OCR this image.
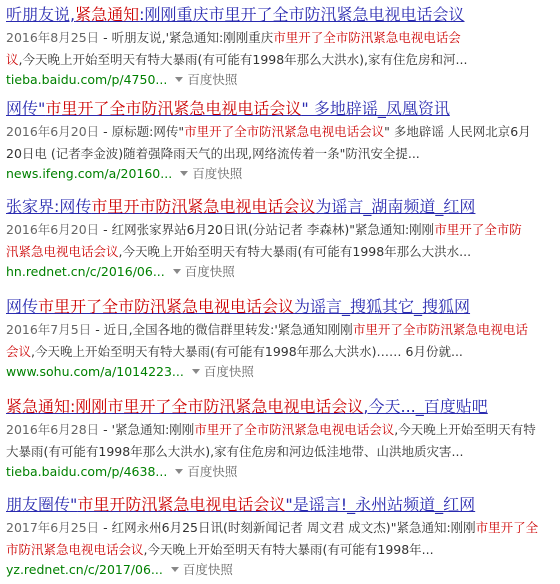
听朋友说,紧急通知:刚刚重庆市里开了全市防汛紧急电视电话会议
2016年8月25日 - 听朋友说,'紧急通知:刚刚重庆市里开了全市防汛紧急电视电话会
议,今天晚上开始至明天有特大暴雨(有可能有1998年那么大洪水),家有住危房和河...
tieba.baidu.com/p/4750... 百度快照
网传"市里开了全市防汛紧急电视电话会议" 多地辟谣_凤凰资讯
2016年6月20日 - 原标题:网传"市里开了全市防汛紧急电视电话会议" 多地辟谣 人民网北京6月
20日电 (记者李金波)随着强降雨天气的出现,网络流传着一条"防汛安全提...
news.ifeng.com/a/20160... 百度快照
张家界:网传市里开市防汛紧急电视电话会议为谣言_湖南频道_红网
2016年6月20日 - 红网张家界站6月20日讯(分站记者 李森林)"紧急通知:刚刚市里开了全市防
汛紧急电视电话会议,今天晚上开始至明天有特大暴雨(有可能有1998年那么大洪水...
hn.rednet.cn/c/2016/06... 百度快照
网传市里开了全市防汛紧急电视电话会议为谣言_搜狐其它_搜狐网
2016年7月5日 - 近日,全国各地的微信群里转发:'紧急通知刚刚市里开了全市防汛紧急电视电话
会议,今天晚上开始至明天有特大暴雨(有可能有1998年那么大洪水)…… 6月份就...
www.sohu.com/a/1014223... 百度快照
紧急通知:刚刚市里开了全市防汛紧急电视电话会议,今天..._百度贴吧
2016年6月28日 - '紧急通知:刚刚市里开了全市防汛紧急电视电话会议,今天晚上开始至明天有特
大暴雨(有可能有1998年那么大洪水),家有住危房和河边低洼地带、山洪地质灾害...
tieba.baidu.com/p/4638... 百度快照
朋友圈传"市里开防汛紧急电视电话会议"是谣言!_永州站频道_红网
2017年6月25日 - 红网永州6月25日讯(时刻新闻记者 周文君 成文杰)"紧急通知:刚刚市里开了全
市防汛紧急电视电话会议,今天晚上开始至明天有特大暴雨(有可能有1998年...
yz.rednet.cn/c/2017/06... 百度快照
